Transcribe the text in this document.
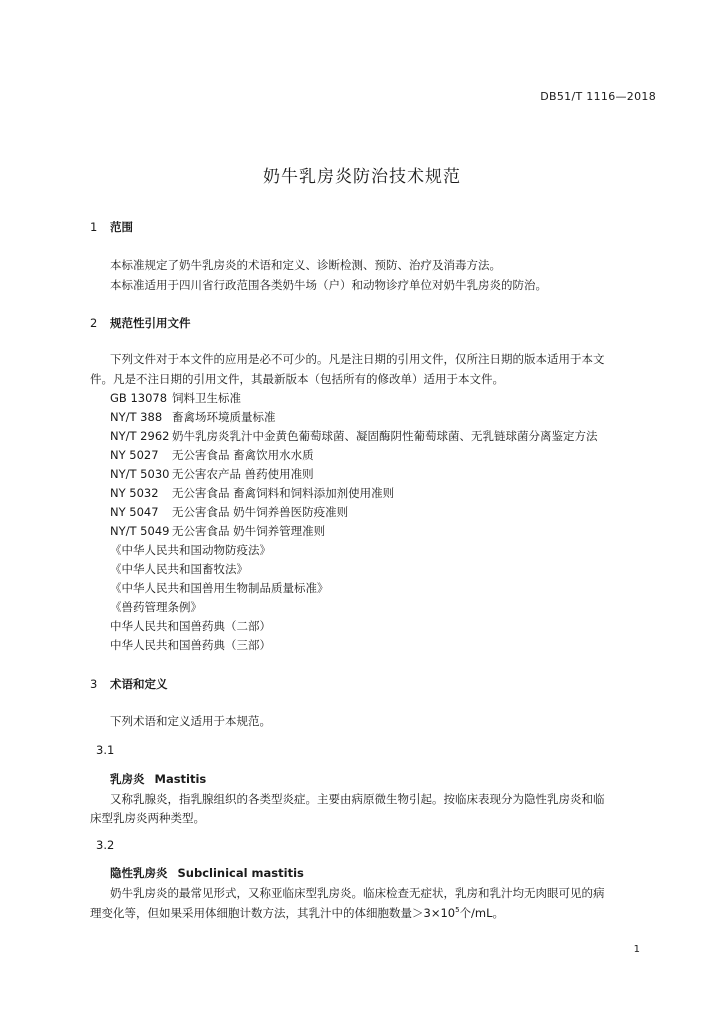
DB51/T 1116—2018
奶牛乳房炎防治技术规范
1 范围
本标准规定了奶牛乳房炎的术语和定义、诊断检测、预防、治疗及消毒方法。
本标准适用于四川省行政范围各类奶牛场（户）和动物诊疗单位对奶牛乳房炎的防治。
2 规范性引用文件
下列文件对于本文件的应用是必不可少的。凡是注日期的引用文件，仅所注日期的版本适用于本文
件。凡是不注日期的引用文件，其最新版本（包括所有的修改单）适用于本文件。
GB 13078 饲料卫生标准
NY/T 388 畜禽场环境质量标准
NY/T 2962 奶牛乳房炎乳汁中金黄色葡萄球菌、凝固酶阴性葡萄球菌、无乳链球菌分离鉴定方法
NY 5027 无公害食品 畜禽饮用水水质
NY/T 5030 无公害农产品 兽药使用准则
NY 5032 无公害食品 畜禽饲料和饲料添加剂使用准则
NY 5047 无公害食品 奶牛饲养兽医防疫准则
NY/T 5049 无公害食品 奶牛饲养管理准则
《中华人民共和国动物防疫法》
《中华人民共和国畜牧法》
《中华人民共和国兽用生物制品质量标准》
《兽药管理条例》
中华人民共和国兽药典（二部）
中华人民共和国兽药典（三部）
3 术语和定义
下列术语和定义适用于本规范。
3.1
乳房炎 Mastitis
又称乳腺炎，指乳腺组织的各类型炎症。主要由病原微生物引起。按临床表现分为隐性乳房炎和临
床型乳房炎两种类型。
3.2
隐性乳房炎 Subclinical mastitis
奶牛乳房炎的最常见形式，又称亚临床型乳房炎。临床检查无症状，乳房和乳汁均无肉眼可见的病
理变化等，但如果采用体细胞计数方法，其乳汁中的体细胞数量$>3\times 10^5$个/mL。
1
